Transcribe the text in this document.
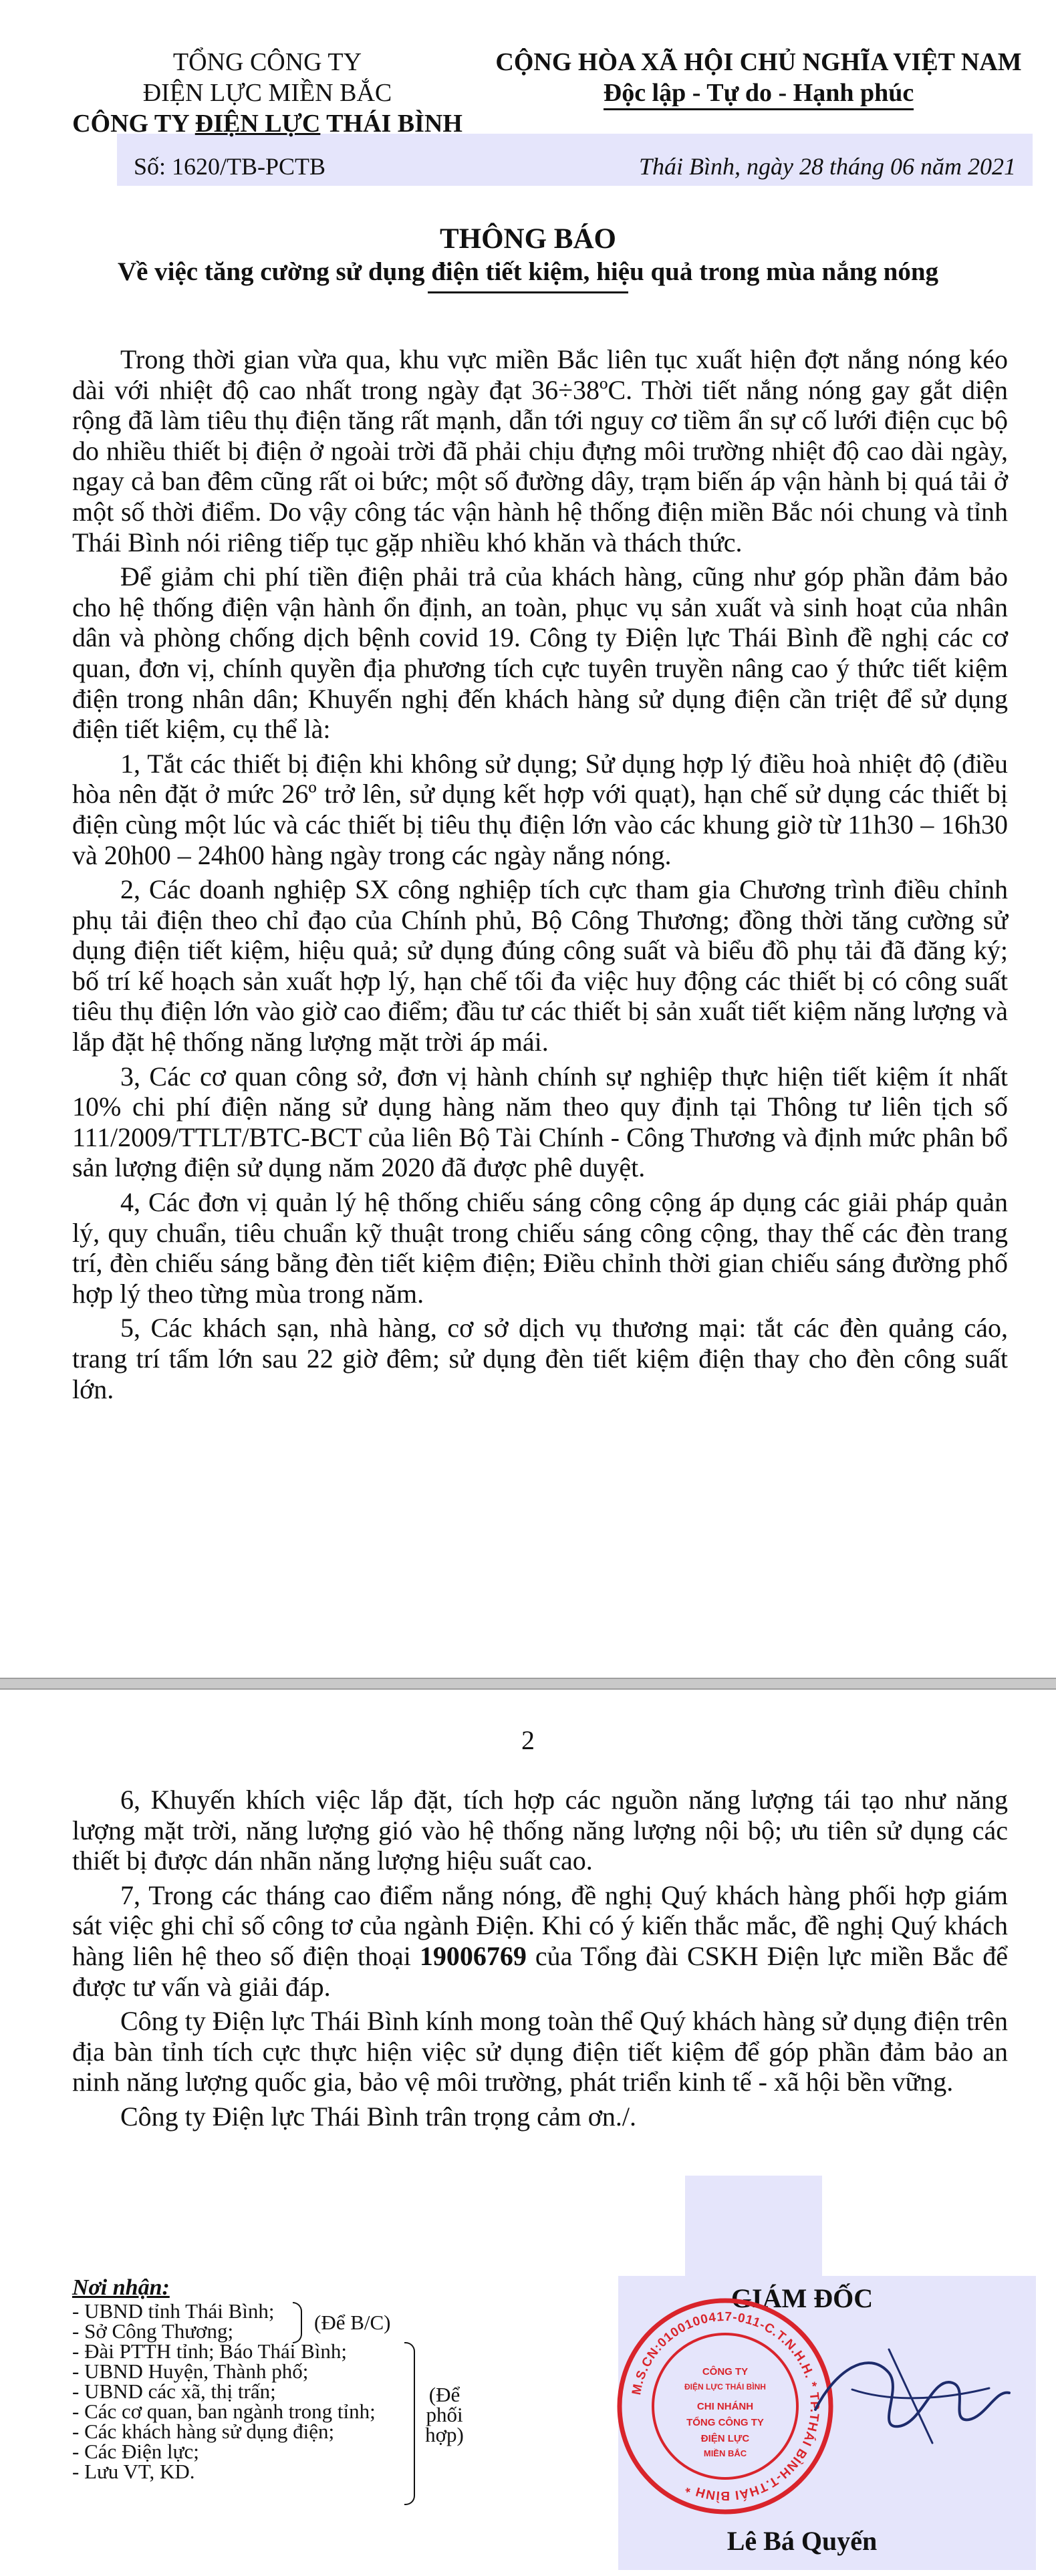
TỔNG CÔNG TY
ĐIỆN LỰC MIỀN BẮC
CÔNG TY ĐIỆN LỰC THÁI BÌNH
CỘNG HÒA XÃ HỘI CHỦ NGHĨA VIỆT NAM
Độc lập - Tự do - Hạnh phúc
Số: 1620/TB-PCTB	Thái Bình, ngày 28 tháng 06 năm 2021
THÔNG BÁO
Về việc tăng cường sử dụng điện tiết kiệm, hiệu quả trong mùa nắng nóng

Trong thời gian vừa qua, khu vực miền Bắc liên tục xuất hiện đợt nắng nóng kéo dài với nhiệt độ cao nhất trong ngày đạt 36÷38ºC. Thời tiết nắng nóng gay gắt diện rộng đã làm tiêu thụ điện tăng rất mạnh, dẫn tới nguy cơ tiềm ẩn sự cố lưới điện cục bộ do nhiều thiết bị điện ở ngoài trời đã phải chịu đựng môi trường nhiệt độ cao dài ngày, ngay cả ban đêm cũng rất oi bức; một số đường dây, trạm biến áp vận hành bị quá tải ở một số thời điểm. Do vậy công tác vận hành hệ thống điện miền Bắc nói chung và tỉnh Thái Bình nói riêng tiếp tục gặp nhiều khó khăn và thách thức.

Để giảm chi phí tiền điện phải trả của khách hàng, cũng như góp phần đảm bảo cho hệ thống điện vận hành ổn định, an toàn, phục vụ sản xuất và sinh hoạt của nhân dân và phòng chống dịch bệnh covid 19. Công ty Điện lực Thái Bình đề nghị các cơ quan, đơn vị, chính quyền địa phương tích cực tuyên truyền nâng cao ý thức tiết kiệm điện trong nhân dân; Khuyến nghị đến khách hàng sử dụng điện cần triệt để sử dụng điện tiết kiệm, cụ thể là:

1, Tắt các thiết bị điện khi không sử dụng; Sử dụng hợp lý điều hoà nhiệt độ (điều hòa nên đặt ở mức 26º trở lên, sử dụng kết hợp với quạt), hạn chế sử dụng các thiết bị điện cùng một lúc và các thiết bị tiêu thụ điện lớn vào các khung giờ từ 11h30 – 16h30 và 20h00 – 24h00 hàng ngày trong các ngày nắng nóng.

2, Các doanh nghiệp SX công nghiệp tích cực tham gia Chương trình điều chỉnh phụ tải điện theo chỉ đạo của Chính phủ, Bộ Công Thương; đồng thời tăng cường sử dụng điện tiết kiệm, hiệu quả; sử dụng đúng công suất và biểu đồ phụ tải đã đăng ký; bố trí kế hoạch sản xuất hợp lý, hạn chế tối đa việc huy động các thiết bị có công suất tiêu thụ điện lớn vào giờ cao điểm; đầu tư các thiết bị sản xuất tiết kiệm năng lượng và lắp đặt hệ thống năng lượng mặt trời áp mái.

3, Các cơ quan công sở, đơn vị hành chính sự nghiệp thực hiện tiết kiệm ít nhất 10% chi phí điện năng sử dụng hàng năm theo quy định tại Thông tư liên tịch số 111/2009/TTLT/BTC-BCT của liên Bộ Tài Chính - Công Thương và định mức phân bổ sản lượng điện sử dụng năm 2020 đã được phê duyệt.

4, Các đơn vị quản lý hệ thống chiếu sáng công cộng áp dụng các giải pháp quản lý, quy chuẩn, tiêu chuẩn kỹ thuật trong chiếu sáng công cộng, thay thế các đèn trang trí, đèn chiếu sáng bằng đèn tiết kiệm điện; Điều chỉnh thời gian chiếu sáng đường phố hợp lý theo từng mùa trong năm.

5, Các khách sạn, nhà hàng, cơ sở dịch vụ thương mại: tắt các đèn quảng cáo, trang trí tấm lớn sau 22 giờ đêm; sử dụng đèn tiết kiệm điện thay cho đèn công suất lớn.

2

6, Khuyến khích việc lắp đặt, tích hợp các nguồn năng lượng tái tạo như năng lượng mặt trời, năng lượng gió vào hệ thống năng lượng nội bộ; ưu tiên sử dụng các thiết bị được dán nhãn năng lượng hiệu suất cao.

7, Trong các tháng cao điểm nắng nóng, đề nghị Quý khách hàng phối hợp giám sát việc ghi chỉ số công tơ của ngành Điện. Khi có ý kiến thắc mắc, đề nghị Quý khách hàng liên hệ theo số điện thoại 19006769 của Tổng đài CSKH Điện lực miền Bắc để được tư vấn và giải đáp.

Công ty Điện lực Thái Bình kính mong toàn thể Quý khách hàng sử dụng điện trên địa bàn tỉnh tích cực thực hiện việc sử dụng điện tiết kiệm để góp phần đảm bảo an ninh năng lượng quốc gia, bảo vệ môi trường, phát triển kinh tế - xã hội bền vững.

Công ty Điện lực Thái Bình trân trọng cảm ơn./.

Nơi nhận:
- UBND tỉnh Thái Bình;
- Sở Công Thương;
- Đài PTTH tỉnh; Báo Thái Bình;
- UBND Huyện, Thành phố;
- UBND các xã, thị trấn;
- Các cơ quan, ban ngành trong tỉnh;
- Các khách hàng sử dụng điện;
- Các Điện lực;
- Lưu VT, KD.
(Để B/C)
(Để
phối
hợp)
GIÁM ĐỐC
M.S.CN:0100100417-011-C.T.N.H.H. * TP.THÁI BÌNH-T.THÁI BÌNH *
CÔNG TY
ĐIỆN LỰC THÁI BÌNH
CHI NHÁNH
TỔNG CÔNG TY
ĐIỆN LỰC
MIỀN BẮC
Lê Bá Quyến
